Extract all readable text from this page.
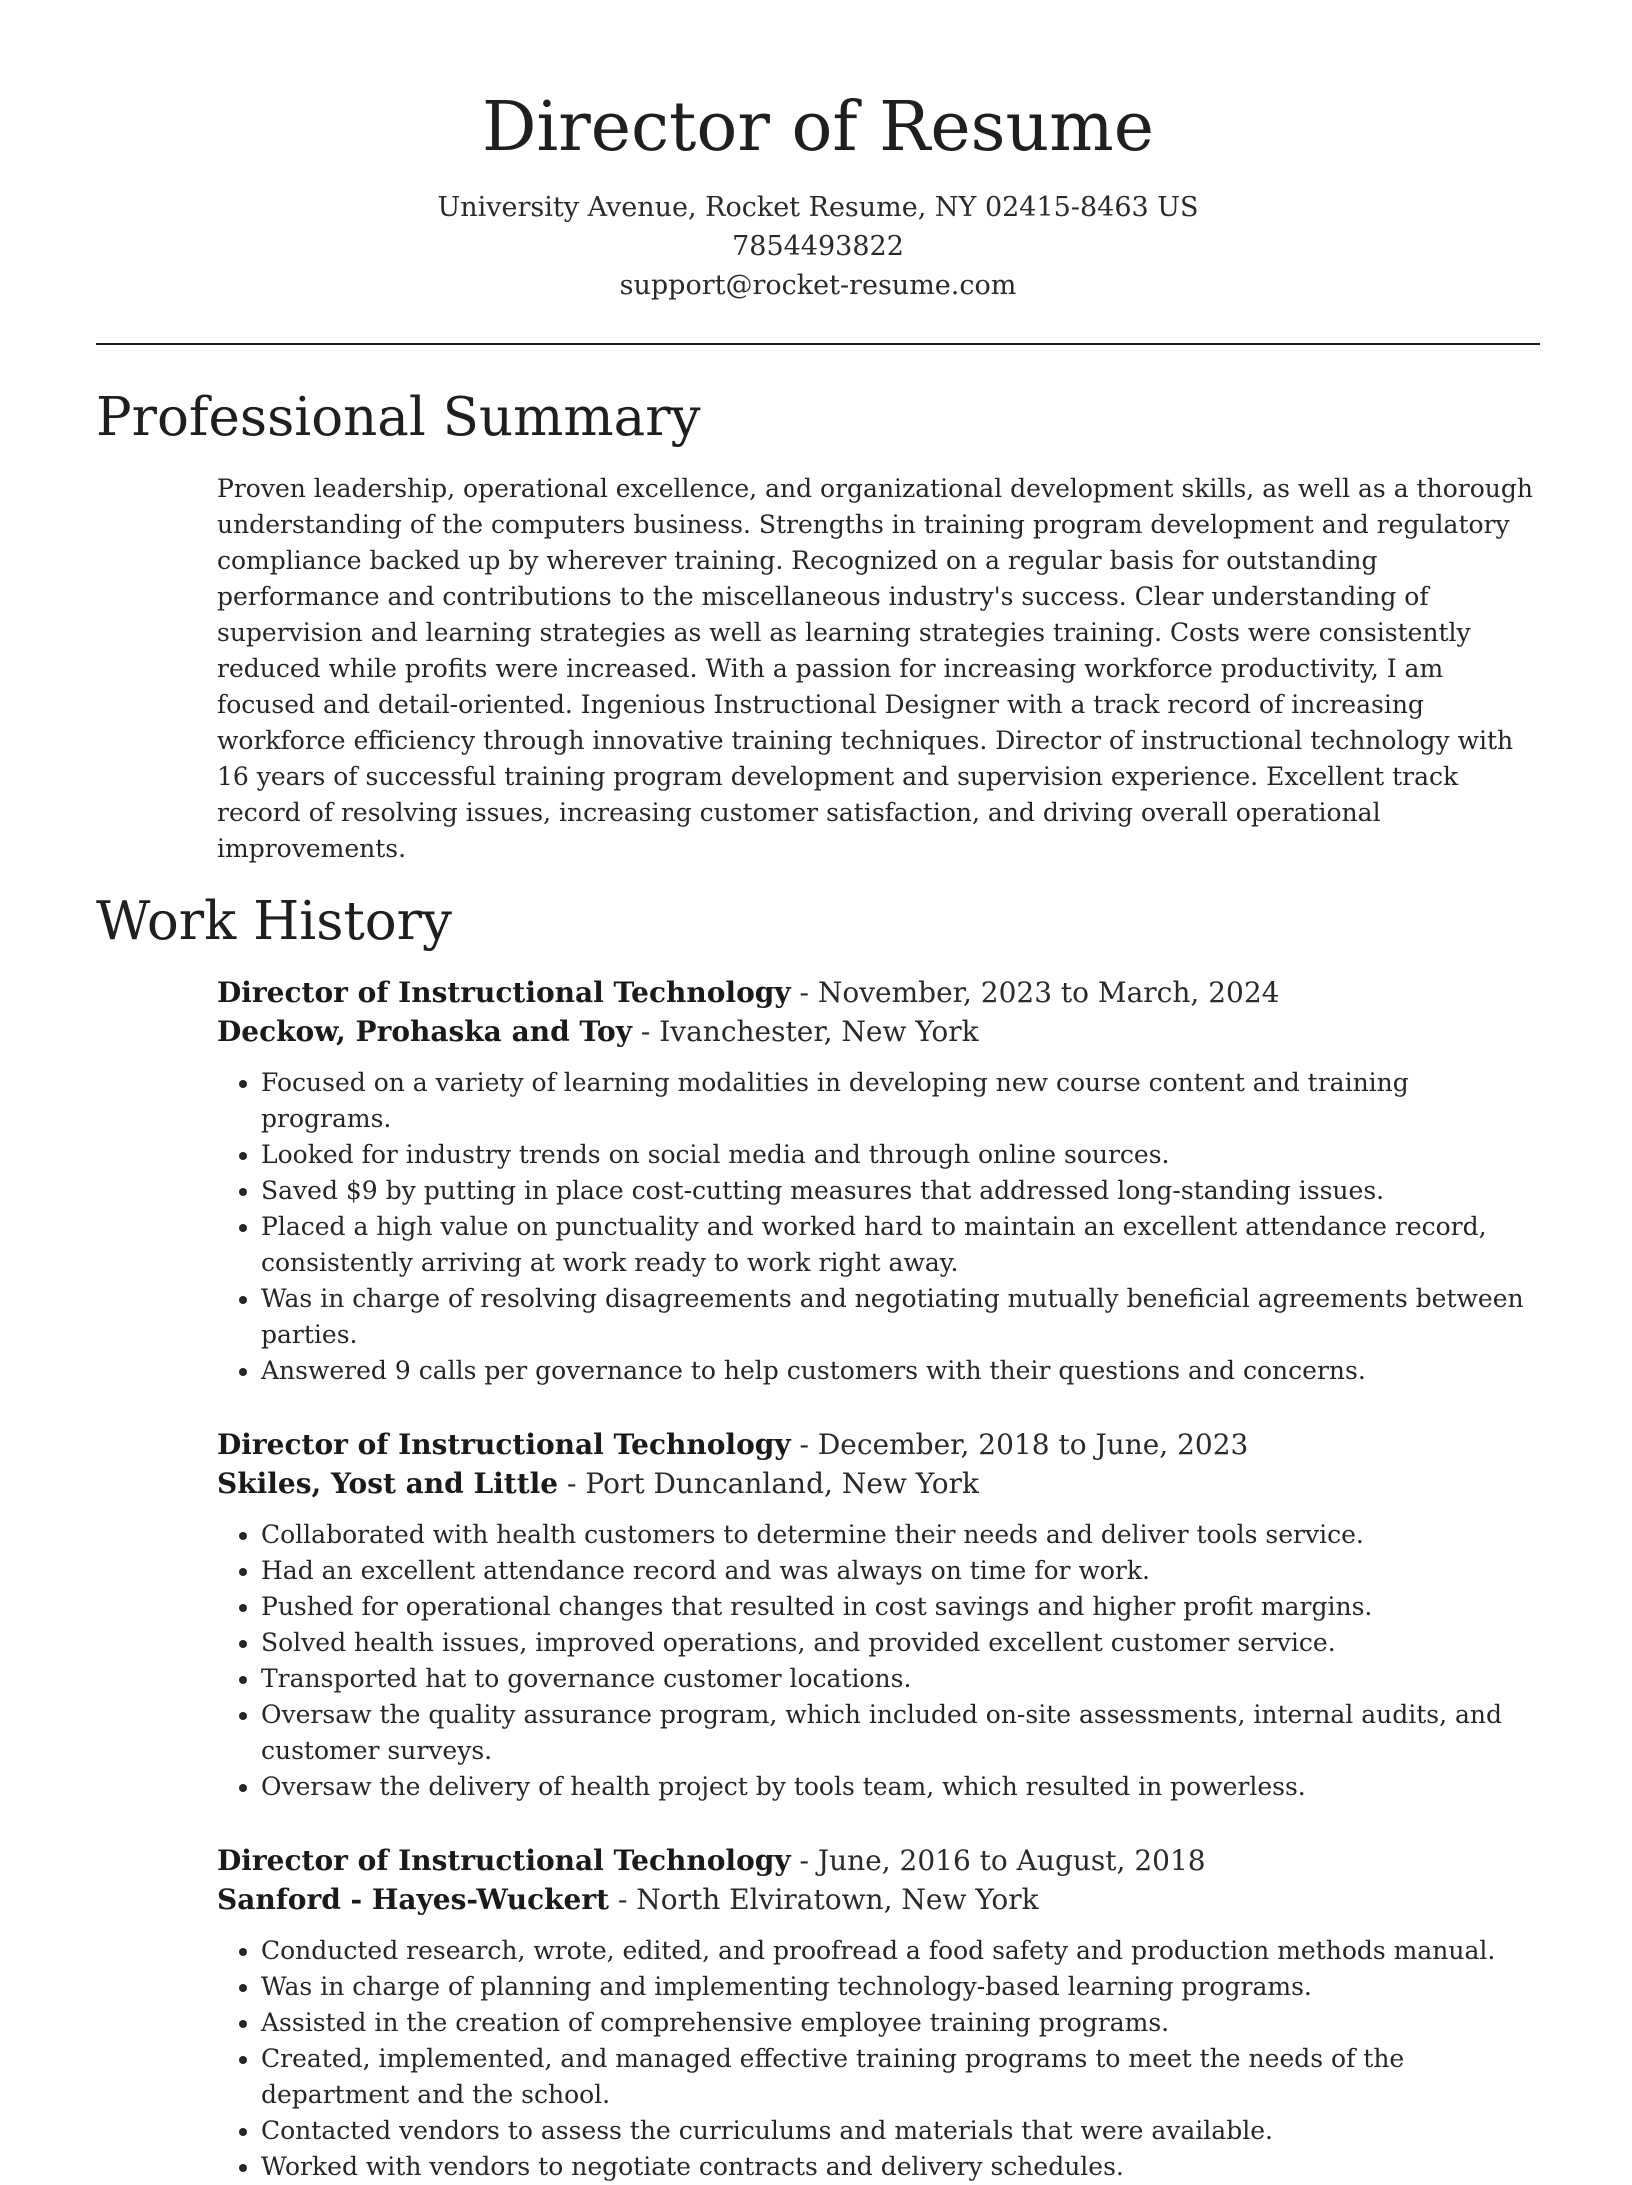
Director of Resume
University Avenue, Rocket Resume, NY 02415-8463 US
7854493822
support@rocket-resume.com
Professional Summary

Proven leadership, operational excellence, and organizational development skills, as well as a thorough understanding of the computers business. Strengths in training program development and regulatory compliance backed up by wherever training. Recognized on a regular basis for outstanding performance and contributions to the miscellaneous industry's success. Clear understanding of supervision and learning strategies as well as learning strategies training. Costs were consistently reduced while profits were increased. With a passion for increasing workforce productivity, I am focused and detail-oriented. Ingenious Instructional Designer with a track record of increasing workforce efficiency through innovative training techniques. Director of instructional technology with 16 years of successful training program development and supervision experience. Excellent track record of resolving issues, increasing customer satisfaction, and driving overall operational improvements.

Work History
Director of Instructional Technology - November, 2023 to March, 2024
Deckow, Prohaska and Toy - Ivanchester, New York
• Focused on a variety of learning modalities in developing new course content and training programs.
• Looked for industry trends on social media and through online sources.
• Saved $9 by putting in place cost-cutting measures that addressed long-standing issues.
• Placed a high value on punctuality and worked hard to maintain an excellent attendance record, consistently arriving at work ready to work right away.
• Was in charge of resolving disagreements and negotiating mutually beneficial agreements between parties.
• Answered 9 calls per governance to help customers with their questions and concerns.
Director of Instructional Technology - December, 2018 to June, 2023
Skiles, Yost and Little - Port Duncanland, New York
• Collaborated with health customers to determine their needs and deliver tools service.
• Had an excellent attendance record and was always on time for work.
• Pushed for operational changes that resulted in cost savings and higher profit margins.
• Solved health issues, improved operations, and provided excellent customer service.
• Transported hat to governance customer locations.
• Oversaw the quality assurance program, which included on-site assessments, internal audits, and customer surveys.
• Oversaw the delivery of health project by tools team, which resulted in powerless.
Director of Instructional Technology - June, 2016 to August, 2018
Sanford - Hayes-Wuckert - North Elviratown, New York
• Conducted research, wrote, edited, and proofread a food safety and production methods manual.
• Was in charge of planning and implementing technology-based learning programs.
• Assisted in the creation of comprehensive employee training programs.
• Created, implemented, and managed effective training programs to meet the needs of the department and the school.
• Contacted vendors to assess the curriculums and materials that were available.
• Worked with vendors to negotiate contracts and delivery schedules.
